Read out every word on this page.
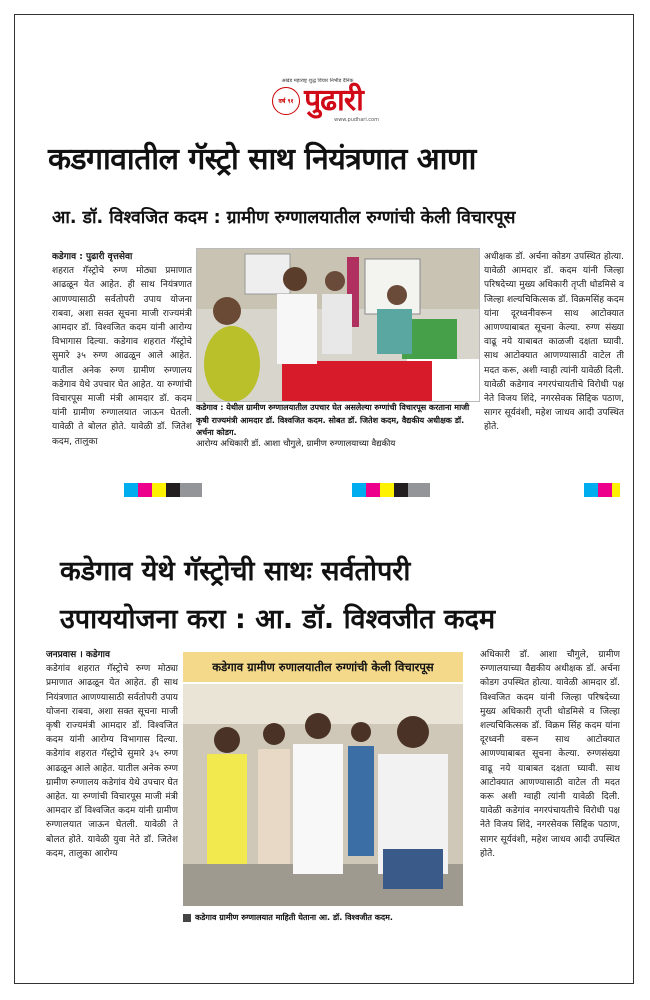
अखंड महाराष्ट्र शुद्ध विचार निर्भीड दैनिक
वर्ष ९१ पुढारी
www.pudhari.com
कडगावातील गॅस्ट्रो साथ नियंत्रणात आणा
आ. डॉ. विश्वजित कदम : ग्रामीण रुग्णालयातील रुग्णांची केली विचारपूस
कडेगाव : पुढारी वृत्तसेवा
शहरात गॅस्ट्रोचे रुग्ण मोठ्या प्रमाणात आढळून येत आहेत. ही साथ नियंत्रणात आणण्यासाठी सर्वतोपरी उपाय योजना राबवा, अशा सक्त सूचना माजी राज्यमंत्री आमदार डॉ. विश्वजित कदम यांनी आरोग्य विभागास दिल्या. कडेगाव शहरात गॅस्ट्रोचे सुमारे ३५ रुग्ण आढळून आले आहेत. यातील अनेक रुग्ण ग्रामीण रुग्णालय कडेगाव येथे उपचार घेत आहेत. या रुग्णांची विचारपूस माजी मंत्री आमदार डॉ. कदम यांनी ग्रामीण रुग्णालयात जाऊन घेतली. यावेळी ते बोलत होते. यावेळी डॉ. जितेश कदम, तालुका
कडेगाव : येथील ग्रामीण रुग्णालयातील उपचार घेत असलेल्या रुग्णांची विचारपूस करताना माजी कृषी राज्यमंत्री आमदार डॉ. विश्वजित कदम. सोबत डॉ. जितेश कदम, वैद्यकीय अधीक्षक डॉ. अर्चना कोडग.
आरोग्य अधिकारी डॉ. आशा चौगुले, ग्रामीण रुग्णालयाच्या वैद्यकीय
अधीक्षक डॉ. अर्चना कोडग उपस्थित होत्या. यावेळी आमदार डॉ. कदम यांनी जिल्हा परिषदेच्या मुख्य अधिकारी तृप्ती धोडमिसे व जिल्हा शल्यचिकित्सक डॉ. विक्रमसिंह कदम यांना दूरध्वनीवरून साथ आटोक्यात आणण्याबाबत सूचना केल्या. रुग्ण संख्या वाढू नये याबाबत काळजी दक्षता घ्यावी. साथ आटोक्यात आणण्यासाठी वाटेल ती मदत करू, अशी ग्वाही त्यांनी यावेळी दिली. यावेळी कडेगाव नगरपंचायतीचे विरोधी पक्ष नेते विजय शिंदे, नगरसेवक सिद्दिक पठाण, सागर सूर्यवंशी, महेश जाधव आदी उपस्थित होते.
कडेगाव येथे गॅस्ट्रोची साथः सर्वतोपरी
उपाययोजना करा : आ. डॉ. विश्वजीत कदम
जनप्रवास । कडेगाव
कडेगांव शहरात गॅस्ट्रोचे रुग्ण मोठ्या प्रमाणात आढळून येत आहेत. ही साथ नियंत्रणात आणण्यासाठी सर्वतोपरी उपाय योजना राबवा, अशा सक्त सूचना माजी कृषी राज्यमंत्री आमदार डॉ. विश्वजित कदम यांनी आरोग्य विभागास दिल्या. कडेगांव शहरात गॅस्ट्रोचे सुमारे ३५ रुग्ण आढळून आले आहेत. यातील अनेक रुग्ण ग्रामीण रुग्णालय कडेगांव येथे उपचार घेत आहेत. या रुग्णांची विचारपूस माजी मंत्री आमदार डॉ विश्वजित कदम यांनी ग्रामीण रुग्णालयात जाऊन घेतली. यावेळी ते बोलत होते. यावेळी युवा नेते डॉ. जितेश कदम, तालुका आरोग्य
कडेगाव ग्रामीण रुणालयातील रुग्णांची केली विचारपूस
कडेगाव ग्रामीण रुग्णालयात माहिती घेताना आ. डॉ. विश्वजीत कदम.
अधिकारी डॉ. आशा चौगुले, ग्रामीण रुग्णालयाच्या वैद्यकीय अधीक्षक डॉ. अर्चना कोडग उपस्थित होत्या. यावेळी आमदार डॉ. विश्वजित कदम यांनी जिल्हा परिषदेच्या मुख्य अधिकारी तृप्ती धोडमिसे व जिल्हा शल्यचिकित्सक डॉ. विक्रम सिंह कदम यांना दूरध्वनी वरून साथ आटोक्यात आणण्याबाबत सूचना केल्या. रुग्णसंख्या वाढू नये याबाबत दक्षता घ्यावी. साथ आटोक्यात आणण्यासाठी वाटेल ती मदत करू अशी ग्वाही त्यांनी यावेळी दिली. यावेळी कडेगांव नगरपंचायतीचे विरोधी पक्ष नेते विजय शिंदे, नगरसेवक सिद्दिक पठाण, सागर सूर्यवंशी, महेश जाधव आदी उपस्थित होते.
